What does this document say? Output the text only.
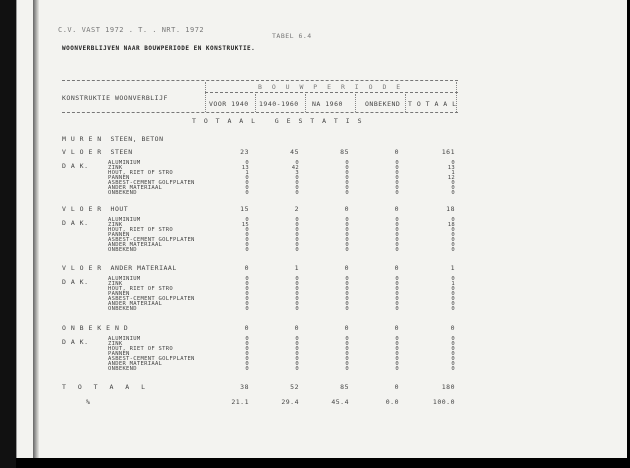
C.V. VAST 1972 . T. . NRT. 1972
TABEL 6.4
WOONVERBLIJVEN NAAR BOUWPERIODE EN KONSTRUKTIE.
B O U W P E R I O D E
KONSTRUKTIE WOONVERBLIJF
VOOR 1940 1940-1960 NA 1960	ONBEKEND T O T A A L
T O T A A L   G E S T A T I S
M U R E N  STEEN, BETON
V L O E R  STEEN	23	45	85	0	161
D A K.	ALUMINIUM	0	0	0	0	0
ZINK	13	42	0	0	13
HOUT, RIET OF STRO	1	3	0	0	1
PANNEN	0	0	0	0	12
ASBEST-CEMENT GOLFPLATEN	0	0	0	0	0
ANDER MATERIAAL	0	0	0	0	0
ONBEKEND	0	0	0	0	0
V L O E R  HOUT	15	2	0	0	18
D A K.	ALUMINIUM	0	0	0	0	0
ZINK	15	0	0	0	18
HOUT, RIET OF STRO	0	0	0	0	0
PANNEN	0	0	0	0	0
ASBEST-CEMENT GOLFPLATEN	0	0	0	0	0
ANDER MATERIAAL	0	0	0	0	0
ONBEKEND	0	0	0	0	0
V L O E R  ANDER MATERIAAL	0	1	0	0	1
D A K.	ALUMINIUM	0	0	0	0	0
ZINK	0	0	0	0	1
HOUT, RIET OF STRO	0	0	0	0	0
PANNEN	0	0	0	0	0
ASBEST-CEMENT GOLFPLATEN	0	0	0	0	0
ANDER MATERIAAL	0	0	0	0	0
ONBEKEND	0	0	0	0	0
O N B E K E N D	0	0	0	0	0
D A K.	ALUMINIUM	0	0	0	0	0
ZINK	0	0	0	0	0
HOUT, RIET OF STRO	0	0	0	0	0
PANNEN	0	0	0	0	0
ASBEST-CEMENT GOLFPLATEN	0	0	0	0	0
ANDER MATERIAAL	0	0	0	0	0
ONBEKEND	0	0	0	0	0
T O T A A L	38	52	85	0	180
%	21.1	29.4	45.4	0.0	100.0
